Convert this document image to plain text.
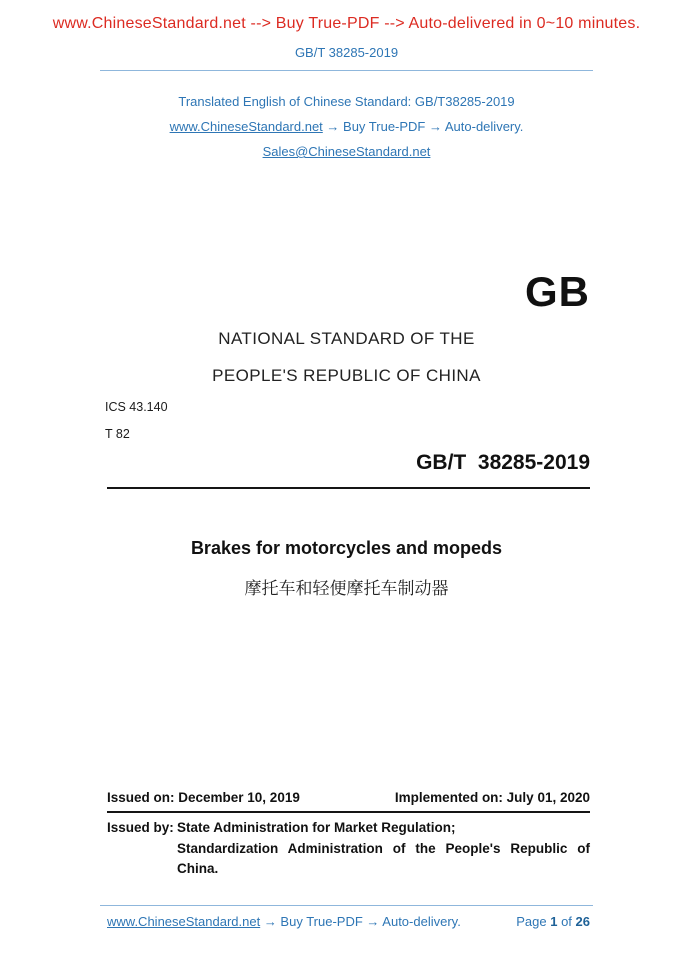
www.ChineseStandard.net --> Buy True-PDF --> Auto-delivered in 0~10 minutes.
GB/T 38285-2019
Translated English of Chinese Standard: GB/T38285-2019
www.ChineseStandard.net → Buy True-PDF → Auto-delivery.
Sales@ChineseStandard.net
GB
NATIONAL STANDARD OF THE
PEOPLE'S REPUBLIC OF CHINA
ICS 43.140
T 82
GB/T  38285-2019
Brakes for motorcycles and mopeds
摩托车和轻便摩托车制动器
Issued on: December 10, 2019	Implemented on: July 01, 2020
Issued by: State Administration for Market Regulation;
Standardization Administration of the People's Republic of
China.
www.ChineseStandard.net → Buy True-PDF → Auto-delivery.	Page 1 of 26
